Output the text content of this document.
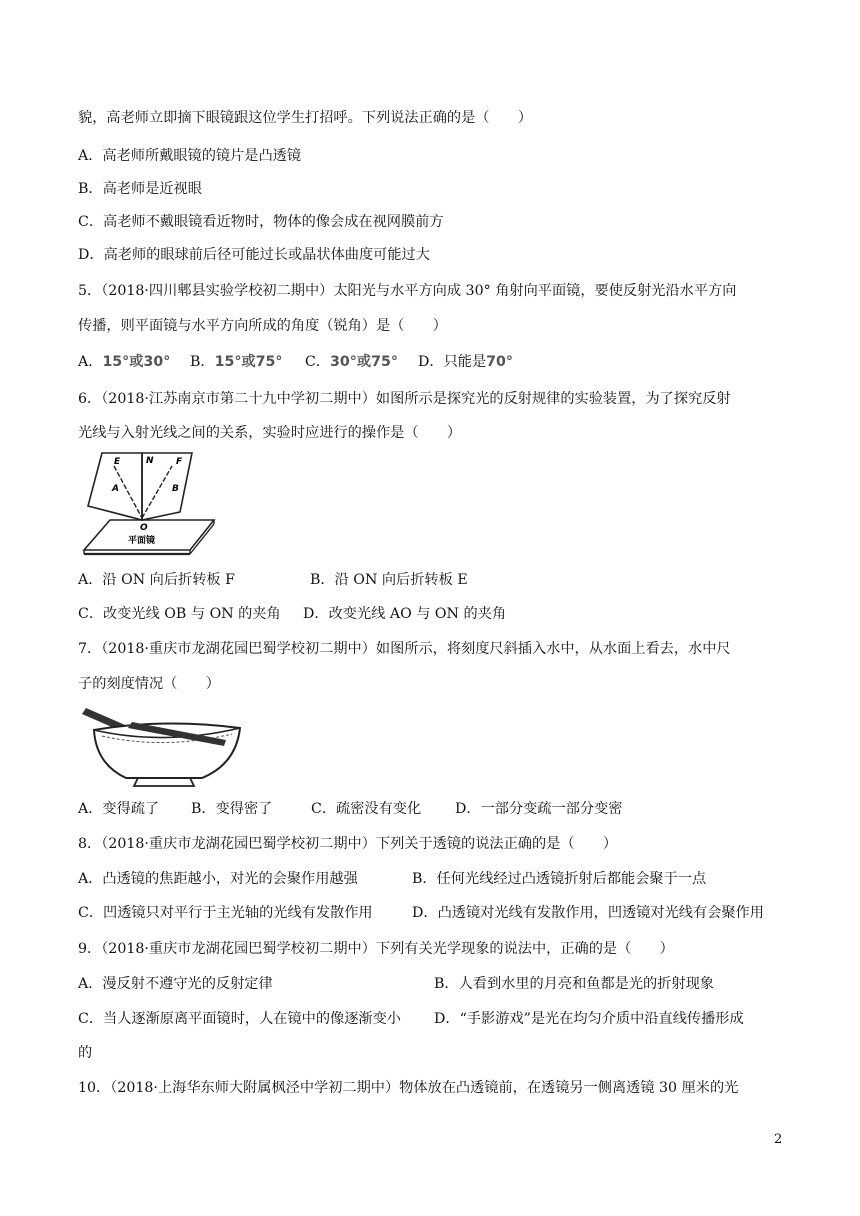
貌，高老师立即摘下眼镜跟这位学生打招呼。下列说法正确的是（　　）
A．高老师所戴眼镜的镜片是凸透镜
B．高老师是近视眼
C．高老师不戴眼镜看近物时，物体的像会成在视网膜前方
D．高老师的眼球前后径可能过长或晶状体曲度可能过大
5．（2018·四川郫县实验学校初二期中）太阳光与水平方向成 30° 角射向平面镜，要使反射光沿水平方向
传播，则平面镜与水平方向所成的角度（锐角）是（　　）
A．15°或30° B．15°或75° C．30°或75° D．只能是70°
6．（2018·江苏南京市第二十九中学初二期中）如图所示是探究光的反射规律的实验装置，为了探究反射
光线与入射光线之间的关系，实验时应进行的操作是（　　）
E	N F
A	B
O
平面镜
A．沿 ON 向后折转板 F	B．沿 ON 向后折转板 E
C．改变光线 OB 与 ON 的夹角 D．改变光线 AO 与 ON 的夹角
7．（2018·重庆市龙湖花园巴蜀学校初二期中）如图所示，将刻度尺斜插入水中，从水面上看去，水中尺
子的刻度情况（　　）
A．变得疏了 B．变得密了	C．疏密没有变化 D．一部分变疏一部分变密
8．（2018·重庆市龙湖花园巴蜀学校初二期中）下列关于透镜的说法正确的是（　　）
A．凸透镜的焦距越小，对光的会聚作用越强	B．任何光线经过凸透镜折射后都能会聚于一点
C．凹透镜只对平行于主光轴的光线有发散作用	D．凸透镜对光线有发散作用，凹透镜对光线有会聚作用
9．（2018·重庆市龙湖花园巴蜀学校初二期中）下列有关光学现象的说法中，正确的是（　　）
A．漫反射不遵守光的反射定律	B．人看到水里的月亮和鱼都是光的折射现象
C．当人逐渐原离平面镜时，人在镜中的像逐渐变小 D．“手影游戏”是光在均匀介质中沿直线传播形成
的
10．（2018·上海华东师大附属枫泾中学初二期中）物体放在凸透镜前，在透镜另一侧离透镜 30 厘米的光
2
